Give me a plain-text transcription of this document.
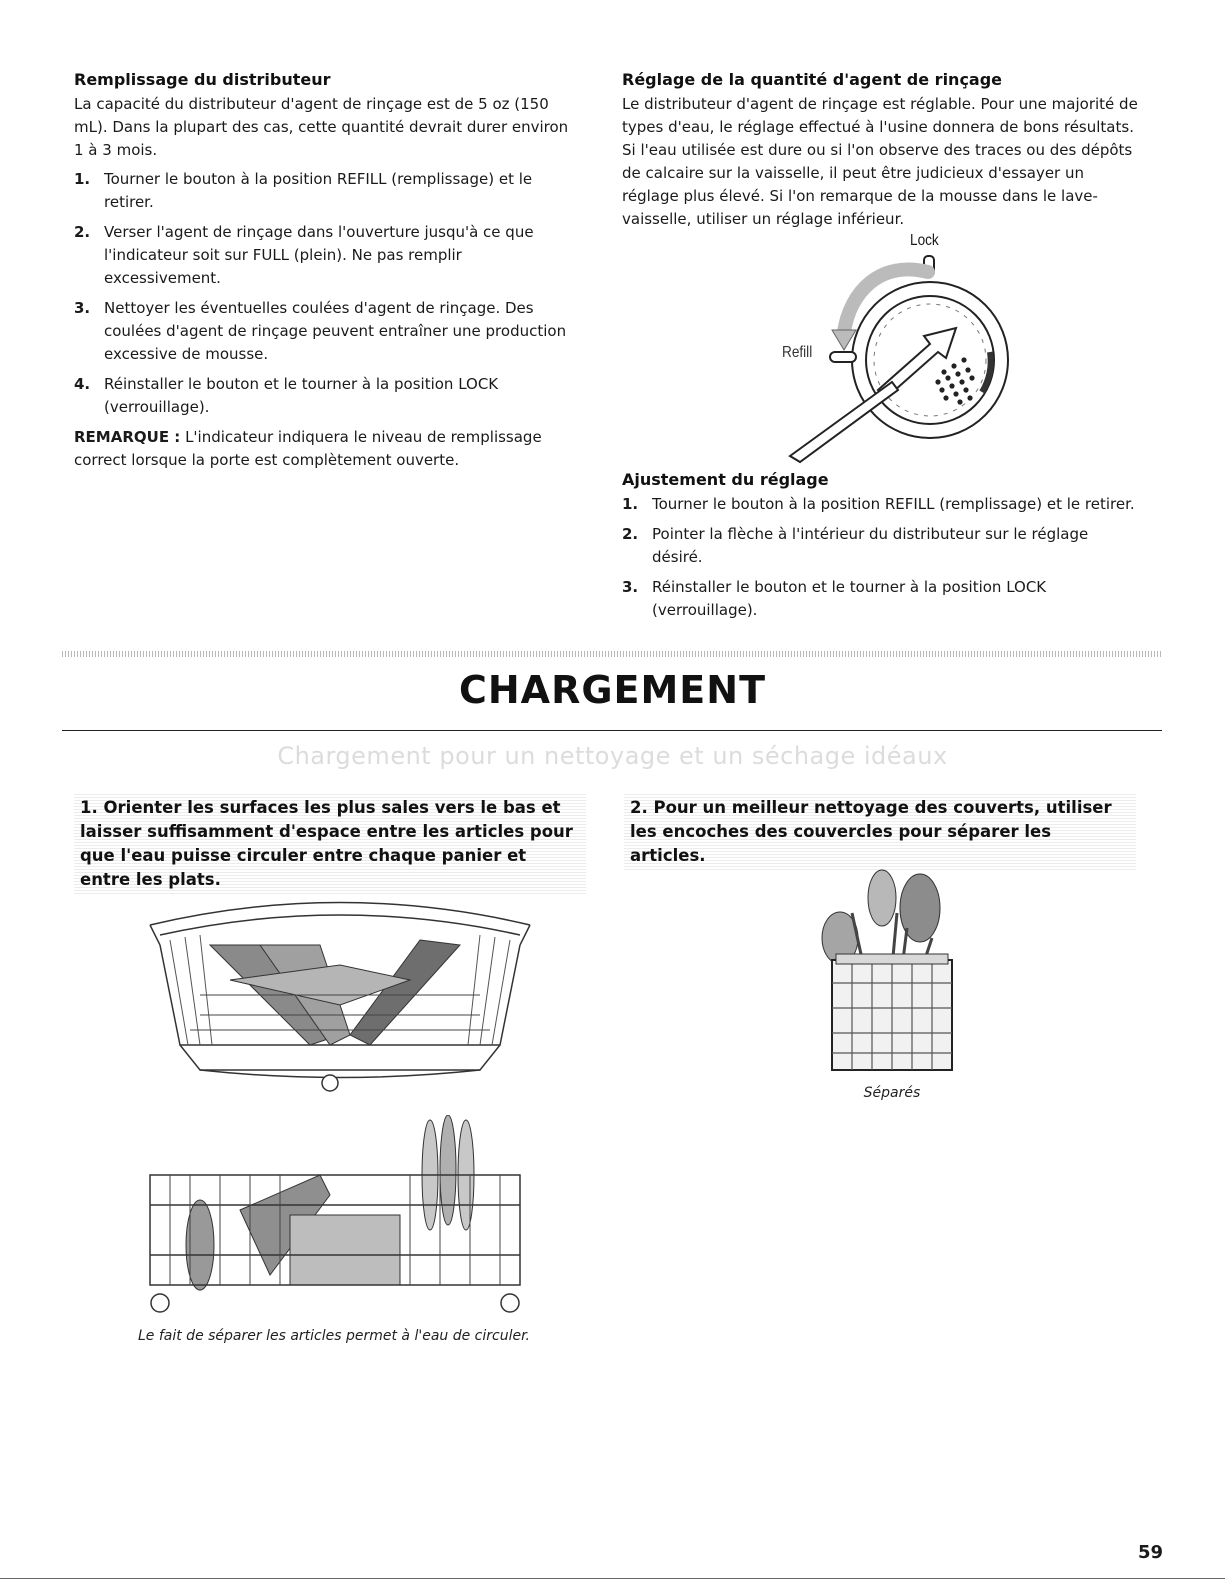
Remplissage du distributeur

La capacité du distributeur d'agent de rinçage est de 5 oz (150 mL). Dans la plupart des cas, cette quantité devrait durer environ 1 à 3 mois.

1. Tourner le bouton à la position REFILL (remplissage) et le retirer.
2. Verser l'agent de rinçage dans l'ouverture jusqu'à ce que l'indicateur soit sur FULL (plein). Ne pas remplir excessivement.
3. Nettoyer les éventuelles coulées d'agent de rinçage. Des coulées d'agent de rinçage peuvent entraîner une production excessive de mousse.
4. Réinstaller le bouton et le tourner à la position LOCK (verrouillage).

REMARQUE : L'indicateur indiquera le niveau de remplissage correct lorsque la porte est complètement ouverte.

Réglage de la quantité d'agent de rinçage

Le distributeur d'agent de rinçage est réglable. Pour une majorité de types d'eau, le réglage effectué à l'usine donnera de bons résultats. Si l'eau utilisée est dure ou si l'on observe des traces ou des dépôts de calcaire sur la vaisselle, il peut être judicieux d'essayer un réglage plus élevé. Si l'on remarque de la mousse dans le lave-vaisselle, utiliser un réglage inférieur.

Lock
Refill
Ajustement du réglage
1. Tourner le bouton à la position REFILL (remplissage) et le retirer.
2. Pointer la flèche à l'intérieur du distributeur sur le réglage désiré.
3. Réinstaller le bouton et le tourner à la position LOCK (verrouillage).
CHARGEMENT
Chargement pour un nettoyage et un séchage idéaux
1. Orienter les surfaces les plus sales vers le bas et laisser suffisamment d'espace entre les articles pour que l'eau puisse circuler entre chaque panier et entre les plats.
2. Pour un meilleur nettoyage des couverts, utiliser les encoches des couvercles pour séparer les articles.
Le fait de séparer les articles permet à l'eau de circuler.
Séparés
59
